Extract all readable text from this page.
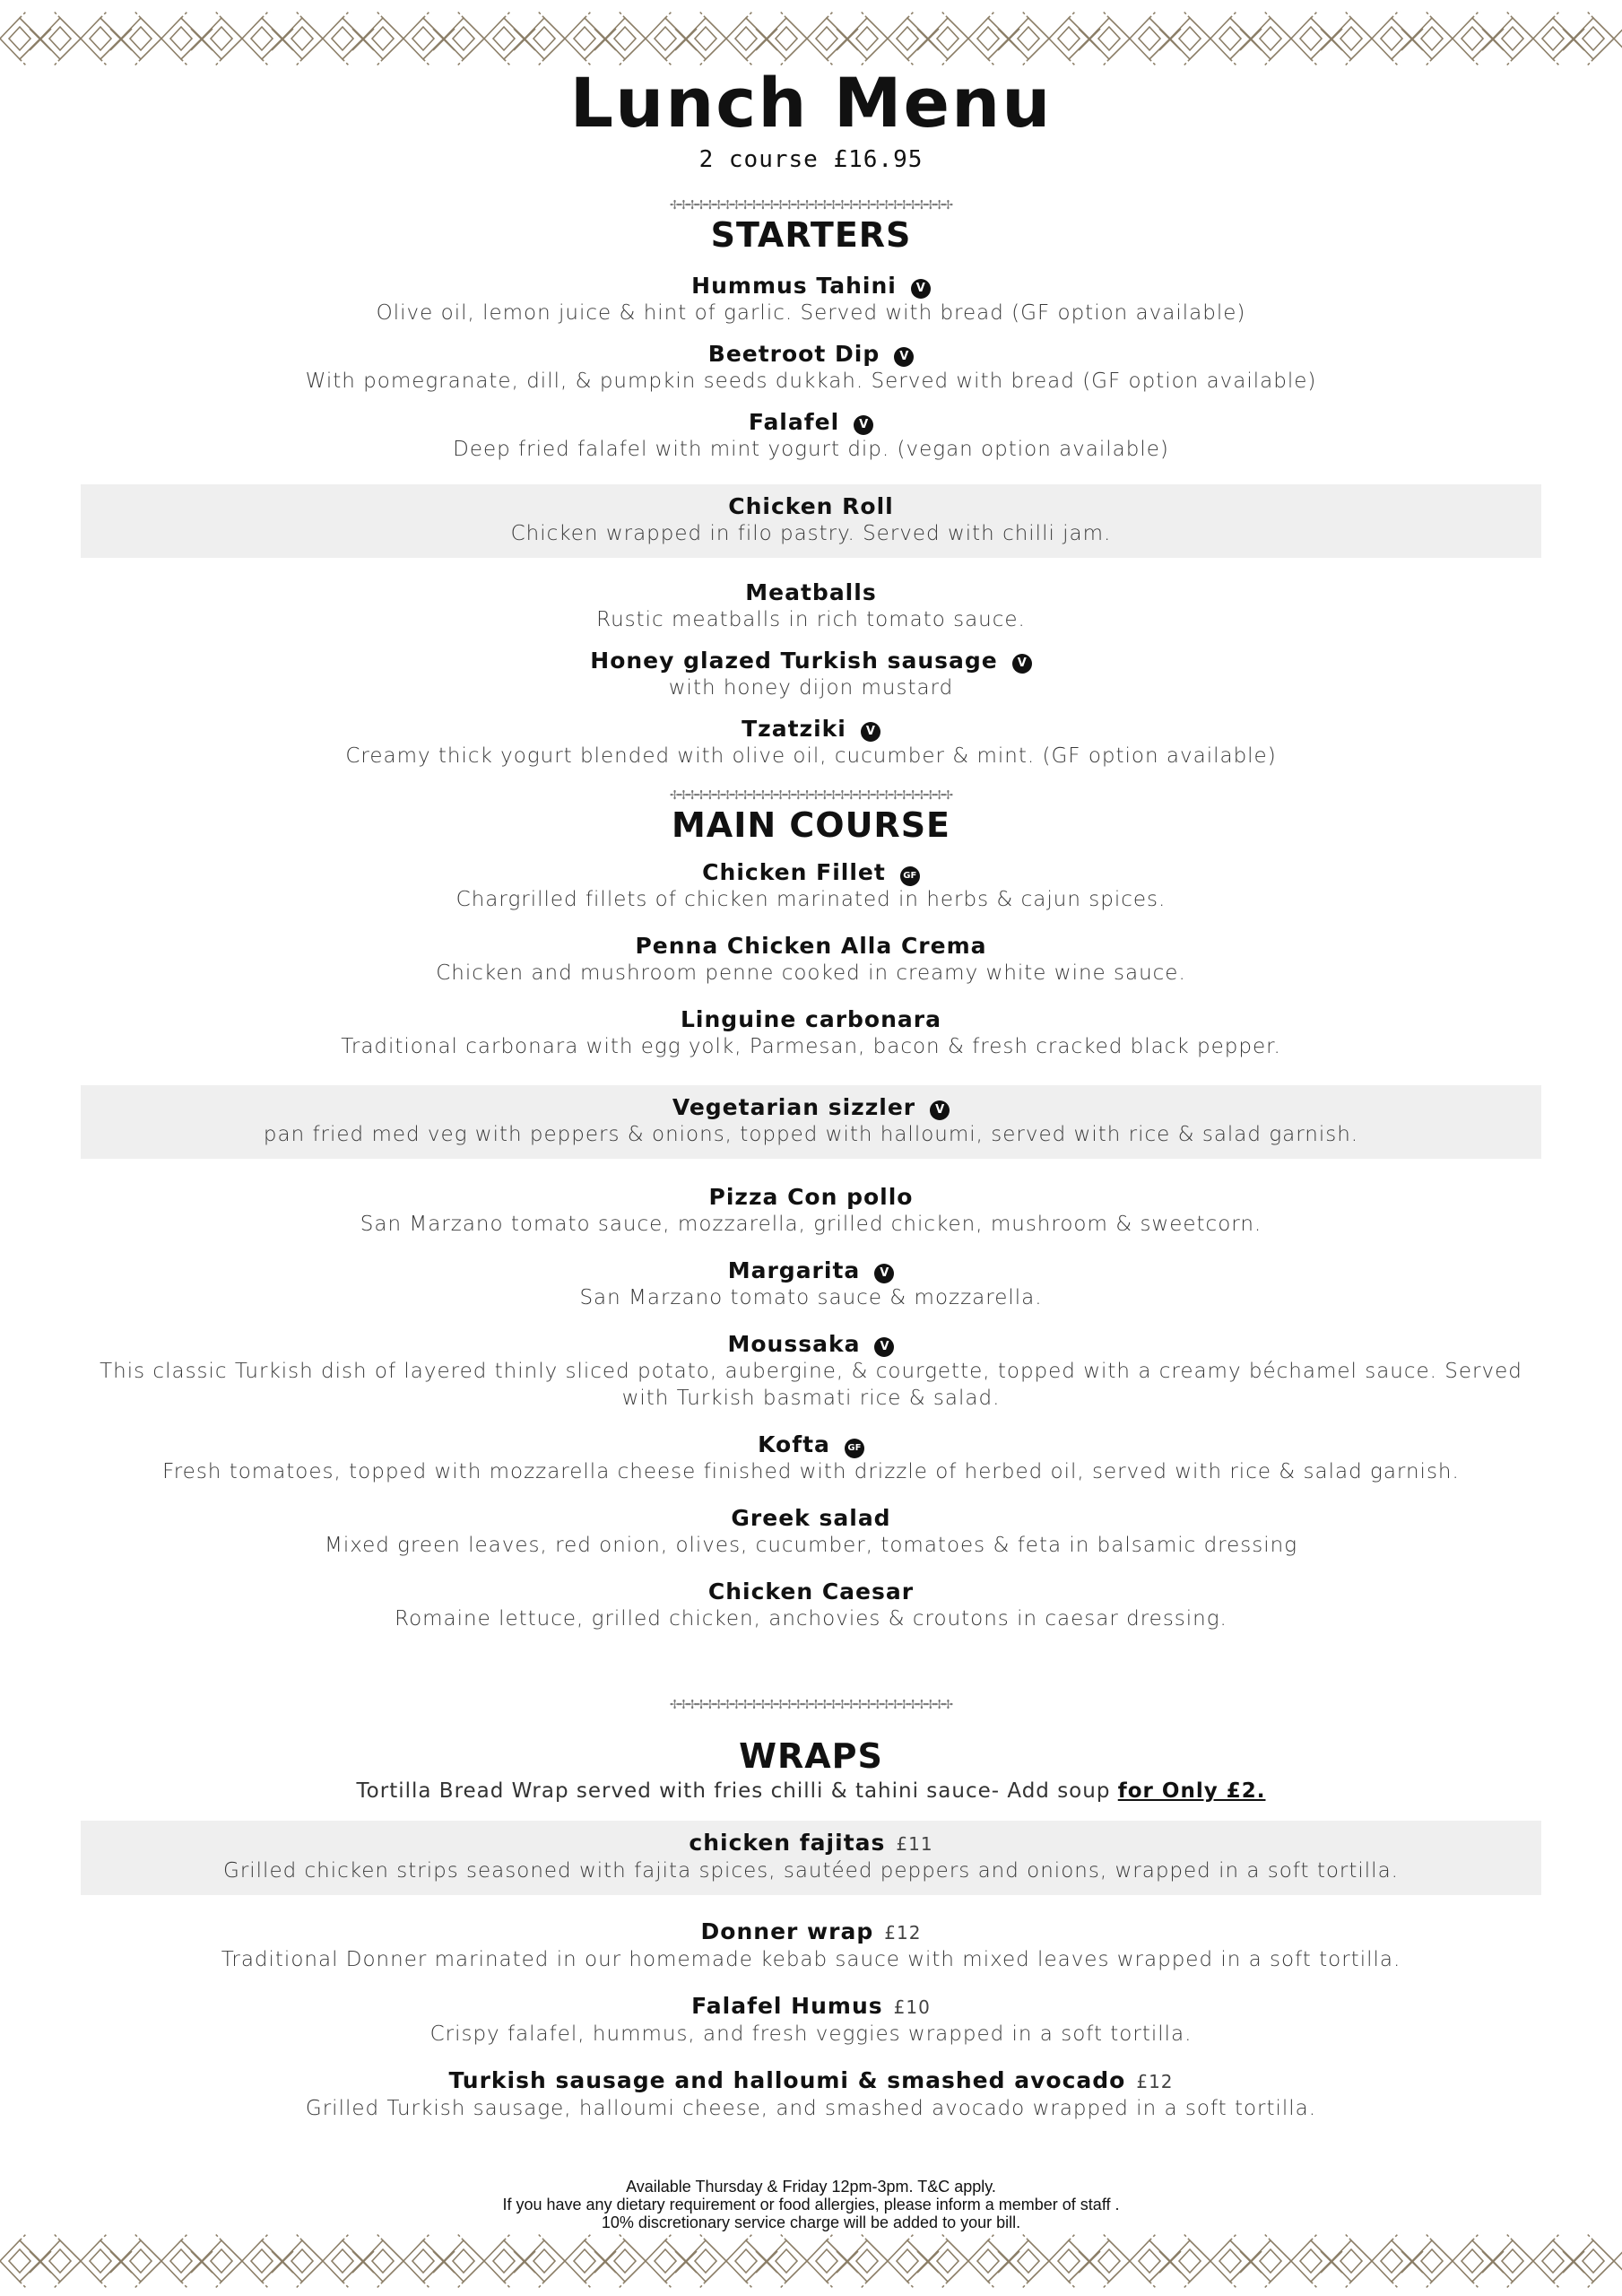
Lunch Menu

2 course £16.95

✢✢✢✢✢✢✢✢✢✢✢✢✢✢✢✢✢✢✢✢✢✢✢✢✢✢✢✢✢✢✢✢

STARTERS
Hummus Tahini V
Olive oil, lemon juice & hint of garlic. Served with bread (GF option available)
Beetroot Dip V
With pomegranate, dill, & pumpkin seeds dukkah. Served with bread (GF option available)
Falafel V
Deep fried falafel with mint yogurt dip. (vegan option available)
Chicken Roll
Chicken wrapped in filo pastry. Served with chilli jam.
Meatballs
Rustic meatballs in rich tomato sauce.
Honey glazed Turkish sausage V
with honey dijon mustard
Tzatziki V
Creamy thick yogurt blended with olive oil, cucumber & mint. (GF option available)

✢✢✢✢✢✢✢✢✢✢✢✢✢✢✢✢✢✢✢✢✢✢✢✢✢✢✢✢✢✢✢✢

MAIN COURSE
Chicken Fillet GF
Chargrilled fillets of chicken marinated in herbs & cajun spices.
Penna Chicken Alla Crema
Chicken and mushroom penne cooked in creamy white wine sauce.
Linguine carbonara
Traditional carbonara with egg yolk, Parmesan, bacon & fresh cracked black pepper.
Vegetarian sizzler V
pan fried med veg with peppers & onions, topped with halloumi, served with rice & salad garnish.
Pizza Con pollo
San Marzano tomato sauce, mozzarella, grilled chicken, mushroom & sweetcorn.
Margarita V
San Marzano tomato sauce & mozzarella.
Moussaka V
This classic Turkish dish of layered thinly sliced potato, aubergine, & courgette, topped with a creamy béchamel sauce. Served with Turkish basmati rice & salad.
Kofta GF
Fresh tomatoes, topped with mozzarella cheese finished with drizzle of herbed oil, served with rice & salad garnish.
Greek salad
Mixed green leaves, red onion, olives, cucumber, tomatoes & feta in balsamic dressing
Chicken Caesar
Romaine lettuce, grilled chicken, anchovies & croutons in caesar dressing.

✢✢✢✢✢✢✢✢✢✢✢✢✢✢✢✢✢✢✢✢✢✢✢✢✢✢✢✢✢✢✢✢

WRAPS

Tortilla Bread Wrap served with fries chilli & tahini sauce- Add soup for Only £2.

chicken fajitas £11
Grilled chicken strips seasoned with fajita spices, sautéed peppers and onions, wrapped in a soft tortilla.
Donner wrap £12
Traditional Donner marinated in our homemade kebab sauce with mixed leaves wrapped in a soft tortilla.
Falafel Humus £10
Crispy falafel, hummus, and fresh veggies wrapped in a soft tortilla.
Turkish sausage and halloumi & smashed avocado £12
Grilled Turkish sausage, halloumi cheese, and smashed avocado wrapped in a soft tortilla.
Available Thursday & Friday 12pm-3pm. T&C apply.
If you have any dietary requirement or food allergies, please inform a member of staff .
10% discretionary service charge will be added to your bill.
